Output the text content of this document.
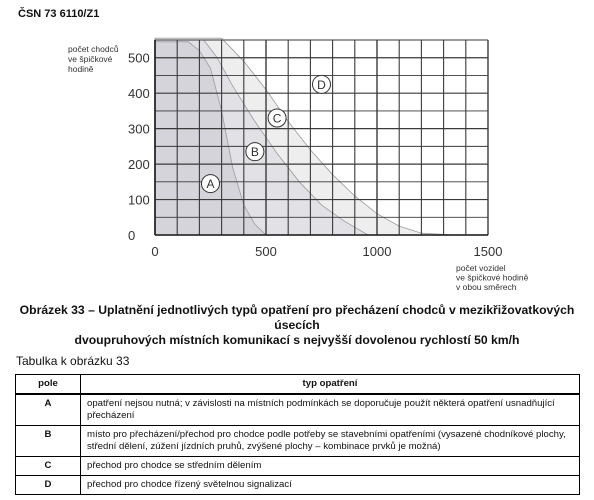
ČSN 73 6110/Z1
0
100
200
300
400
500
0	500	1000	1500
počet chodců
ve špičkové
hodině
počet vozidel
ve špičkové hodině
v obou směrech
A
B
C
D
Obrázek 33 – Uplatnění jednotlivých typů opatření pro přecházení chodců v mezikřižovatkových úsecích
dvoupruhových místních komunikací s nejvyšší dovolenou rychlostí 50 km/h
Tabulka k obrázku 33
pole	typ opatření
A	opatření nejsou nutná; v závislosti na místních podmínkách se doporučuje použít některá opatření usnadňující přecházení
B	místo pro přecházení/přechod pro chodce podle potřeby se stavebními opatřeními (vysazené chodníkové plochy, střední dělení, zúžení jízdních pruhů, zvýšené plochy – kombinace prvků je možná)
C	přechod pro chodce se středním dělením
D	přechod pro chodce řízený světelnou signalizací
